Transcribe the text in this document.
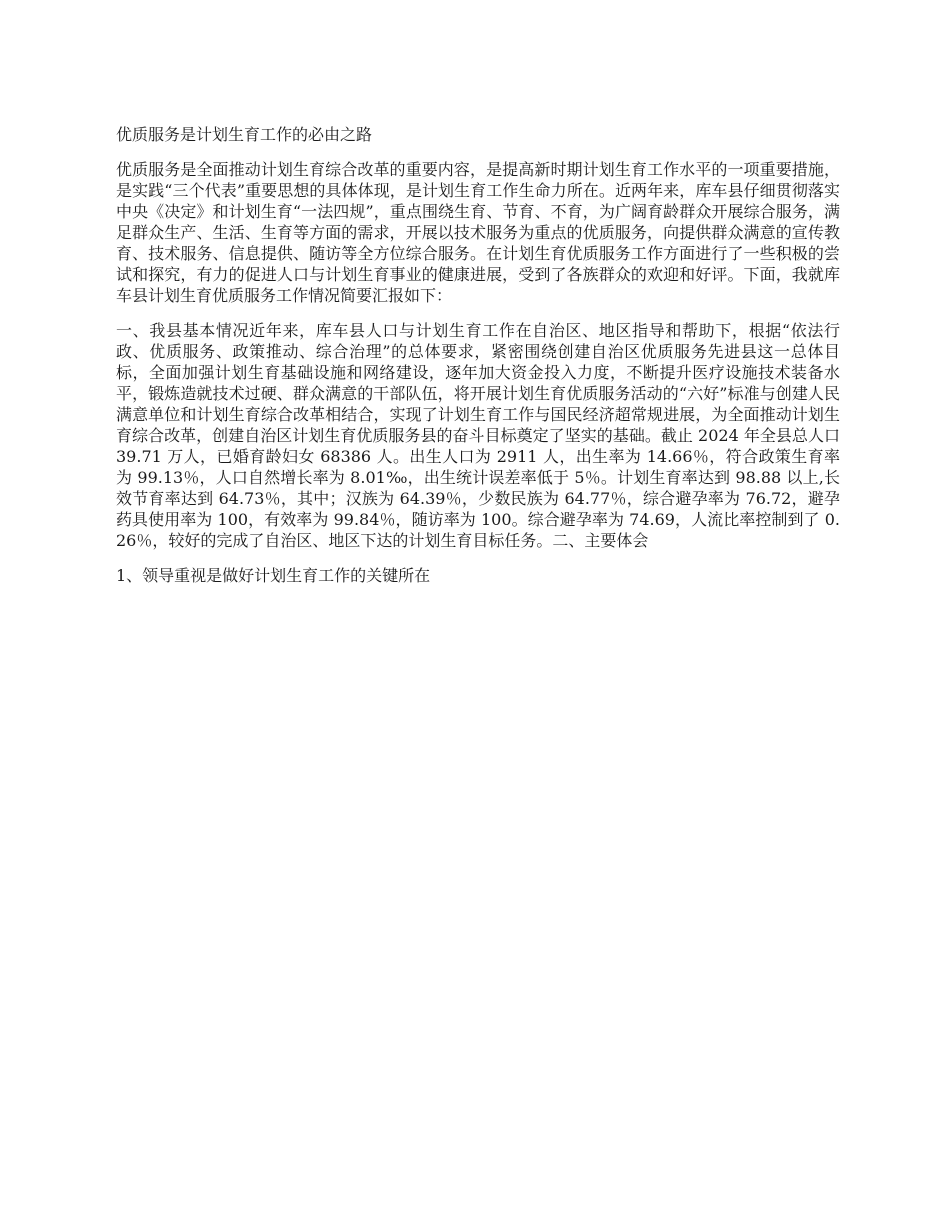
优质服务是计划生育工作的必由之路

优质服务是全面推动计划生育综合改革的重要内容，是提高新时期计划生育工作水平的一项重要措施，是实践“三个代表”重要思想的具体体现，是计划生育工作生命力所在。近两年来，库车县仔细贯彻落实中央《决定》和计划生育“一法四规”，重点围绕生育、节育、不育，为广阔育龄群众开展综合服务，满足群众生产、生活、生育等方面的需求，开展以技术服务为重点的优质服务，向提供群众满意的宣传教育、技术服务、信息提供、随访等全方位综合服务。在计划生育优质服务工作方面进行了一些积极的尝试和探究，有力的促进人口与计划生育事业的健康进展，受到了各族群众的欢迎和好评。下面，我就库车县计划生育优质服务工作情况简要汇报如下：

一、我县基本情况近年来，库车县人口与计划生育工作在自治区、地区指导和帮助下，根据“依法行政、优质服务、政策推动、综合治理”的总体要求，紧密围绕创建自治区优质服务先进县这一总体目标，全面加强计划生育基础设施和网络建设，逐年加大资金投入力度，不断提升医疗设施技术装备水平，锻炼造就技术过硬、群众满意的干部队伍，将开展计划生育优质服务活动的“六好”标准与创建人民满意单位和计划生育综合改革相结合，实现了计划生育工作与国民经济超常规进展，为全面推动计划生育综合改革，创建自治区计划生育优质服务县的奋斗目标奠定了坚实的基础。截止 2024 年全县总人口 39.71 万人，已婚育龄妇女 68386 人。出生人口为 2911 人，出生率为 14.66％，符合政策生育率为 99.13％，人口自然增长率为 8.01‰，出生统计误差率低于 5％。计划生育率达到 98.88 以上,长效节育率达到 64.73％，其中；汉族为 64.39％，少数民族为 64.77％，综合避孕率为 76.72，避孕药具使用率为 100，有效率为 99.84％，随访率为 100。综合避孕率为 74.69，人流比率控制到了 0.26％，较好的完成了自治区、地区下达的计划生育目标任务。二、主要体会

1、领导重视是做好计划生育工作的关键所在
